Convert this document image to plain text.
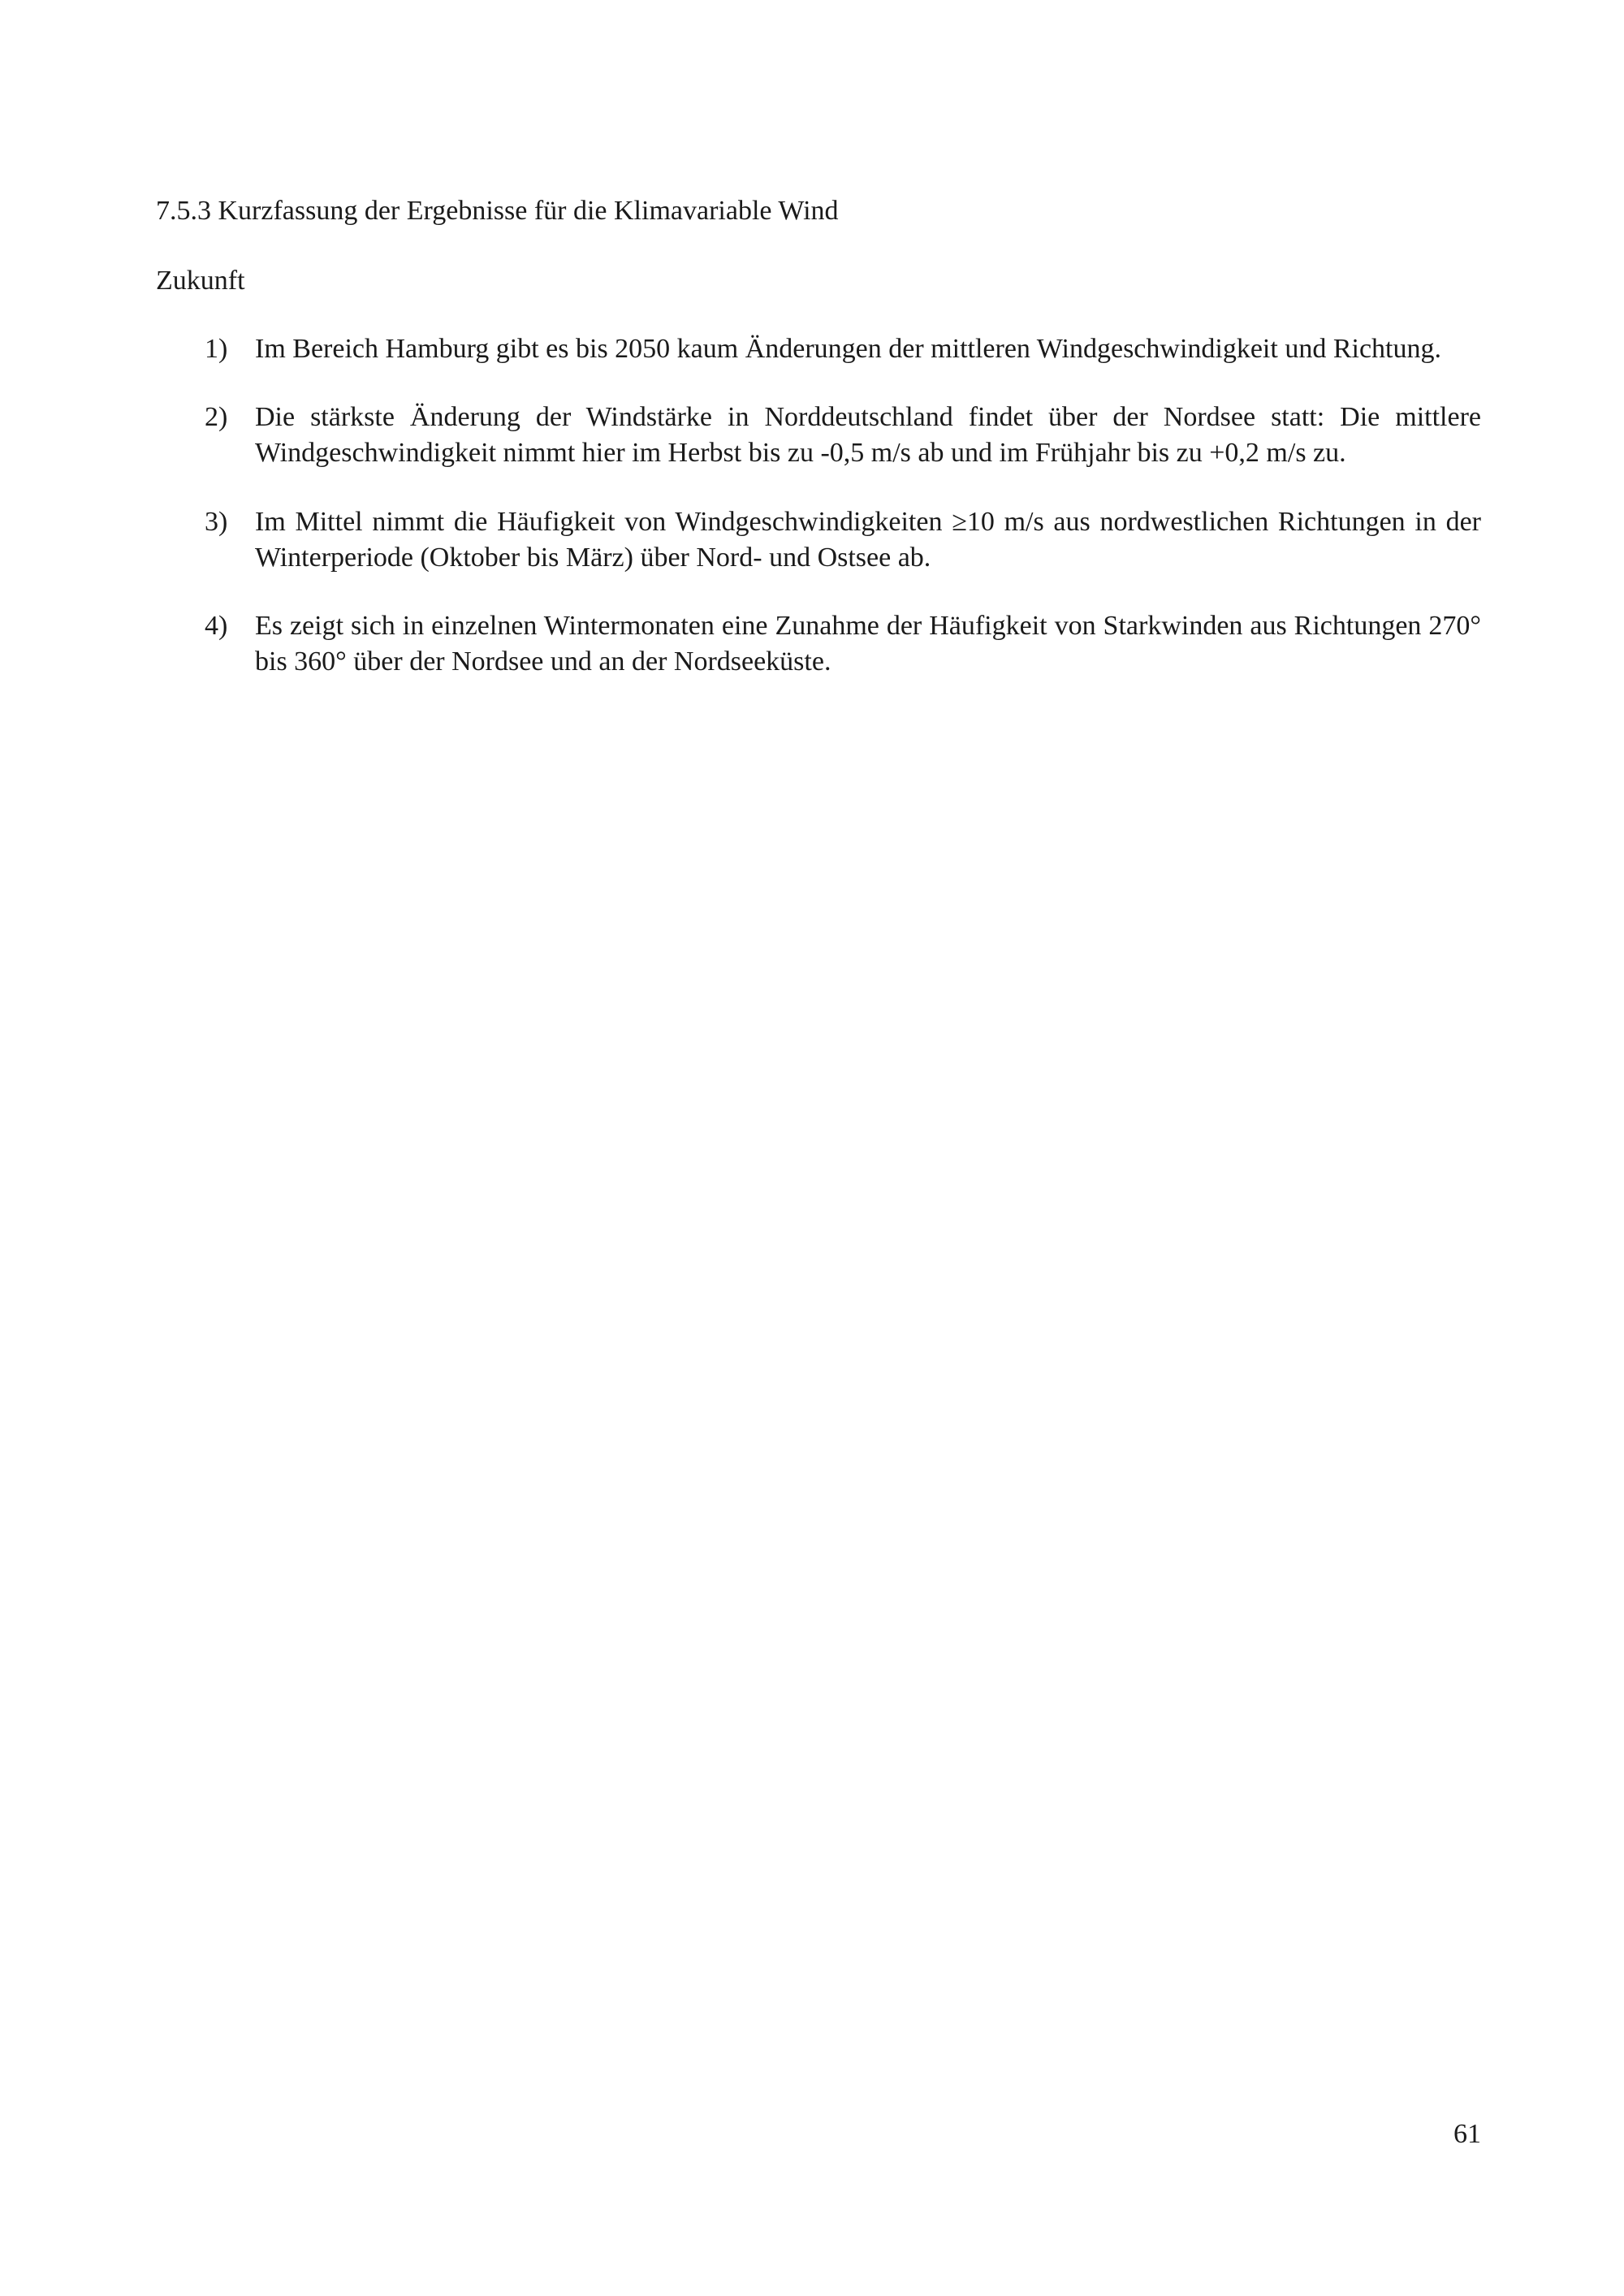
7.5.3 Kurzfassung der Ergebnisse für die Klimavariable Wind
Zukunft
1) Im Bereich Hamburg gibt es bis 2050 kaum Änderungen der mittleren Windgeschwindigkeit und Richtung.
2) Die stärkste Änderung der Windstärke in Norddeutschland findet über der Nordsee statt: Die mittlere Windgeschwindigkeit nimmt hier im Herbst bis zu -0,5 m/s ab und im Frühjahr bis zu +0,2 m/s zu.
3) Im Mittel nimmt die Häufigkeit von Windgeschwindigkeiten ≥10 m/s aus nordwestlichen Richtungen in der Winterperiode (Oktober bis März) über Nord- und Ostsee ab.
4) Es zeigt sich in einzelnen Wintermonaten eine Zunahme der Häufigkeit von Starkwinden aus Richtungen 270° bis 360° über der Nordsee und an der Nordseeküste.
61
